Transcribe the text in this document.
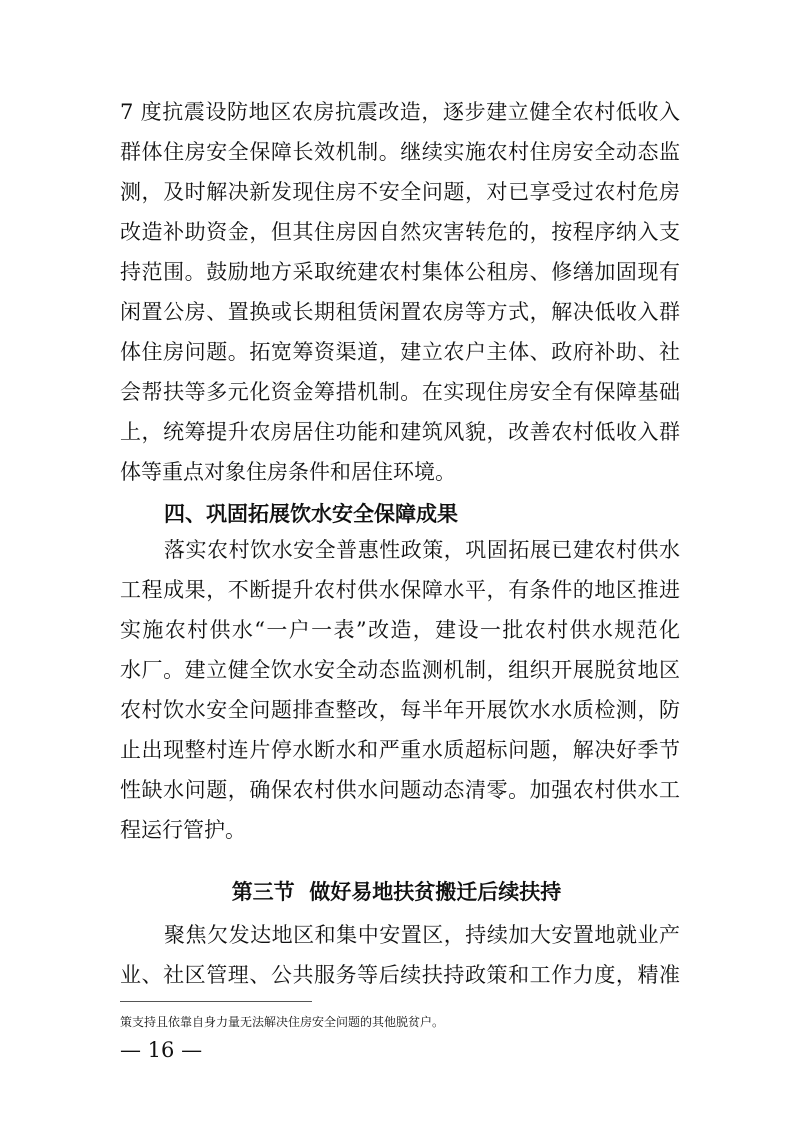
7 度抗震设防地区农房抗震改造，逐步建立健全农村低收入
群体住房安全保障长效机制。继续实施农村住房安全动态监
测，及时解决新发现住房不安全问题，对已享受过农村危房
改造补助资金，但其住房因自然灾害转危的，按程序纳入支
持范围。鼓励地方采取统建农村集体公租房、修缮加固现有
闲置公房、置换或长期租赁闲置农房等方式，解决低收入群
体住房问题。拓宽筹资渠道，建立农户主体、政府补助、社
会帮扶等多元化资金筹措机制。在实现住房安全有保障基础
上，统筹提升农房居住功能和建筑风貌，改善农村低收入群
体等重点对象住房条件和居住环境。
四、巩固拓展饮水安全保障成果
落实农村饮水安全普惠性政策，巩固拓展已建农村供水
工程成果，不断提升农村供水保障水平，有条件的地区推进
实施农村供水“一户一表”改造，建设一批农村供水规范化
水厂。建立健全饮水安全动态监测机制，组织开展脱贫地区
农村饮水安全问题排查整改，每半年开展饮水水质检测，防
止出现整村连片停水断水和严重水质超标问题，解决好季节
性缺水问题，确保农村供水问题动态清零。加强农村供水工
程运行管护。
第三节  做好易地扶贫搬迁后续扶持
聚焦欠发达地区和集中安置区，持续加大安置地就业产
业、社区管理、公共服务等后续扶持政策和工作力度，精准
策支持且依靠自身力量无法解决住房安全问题的其他脱贫户。
— 16 —
